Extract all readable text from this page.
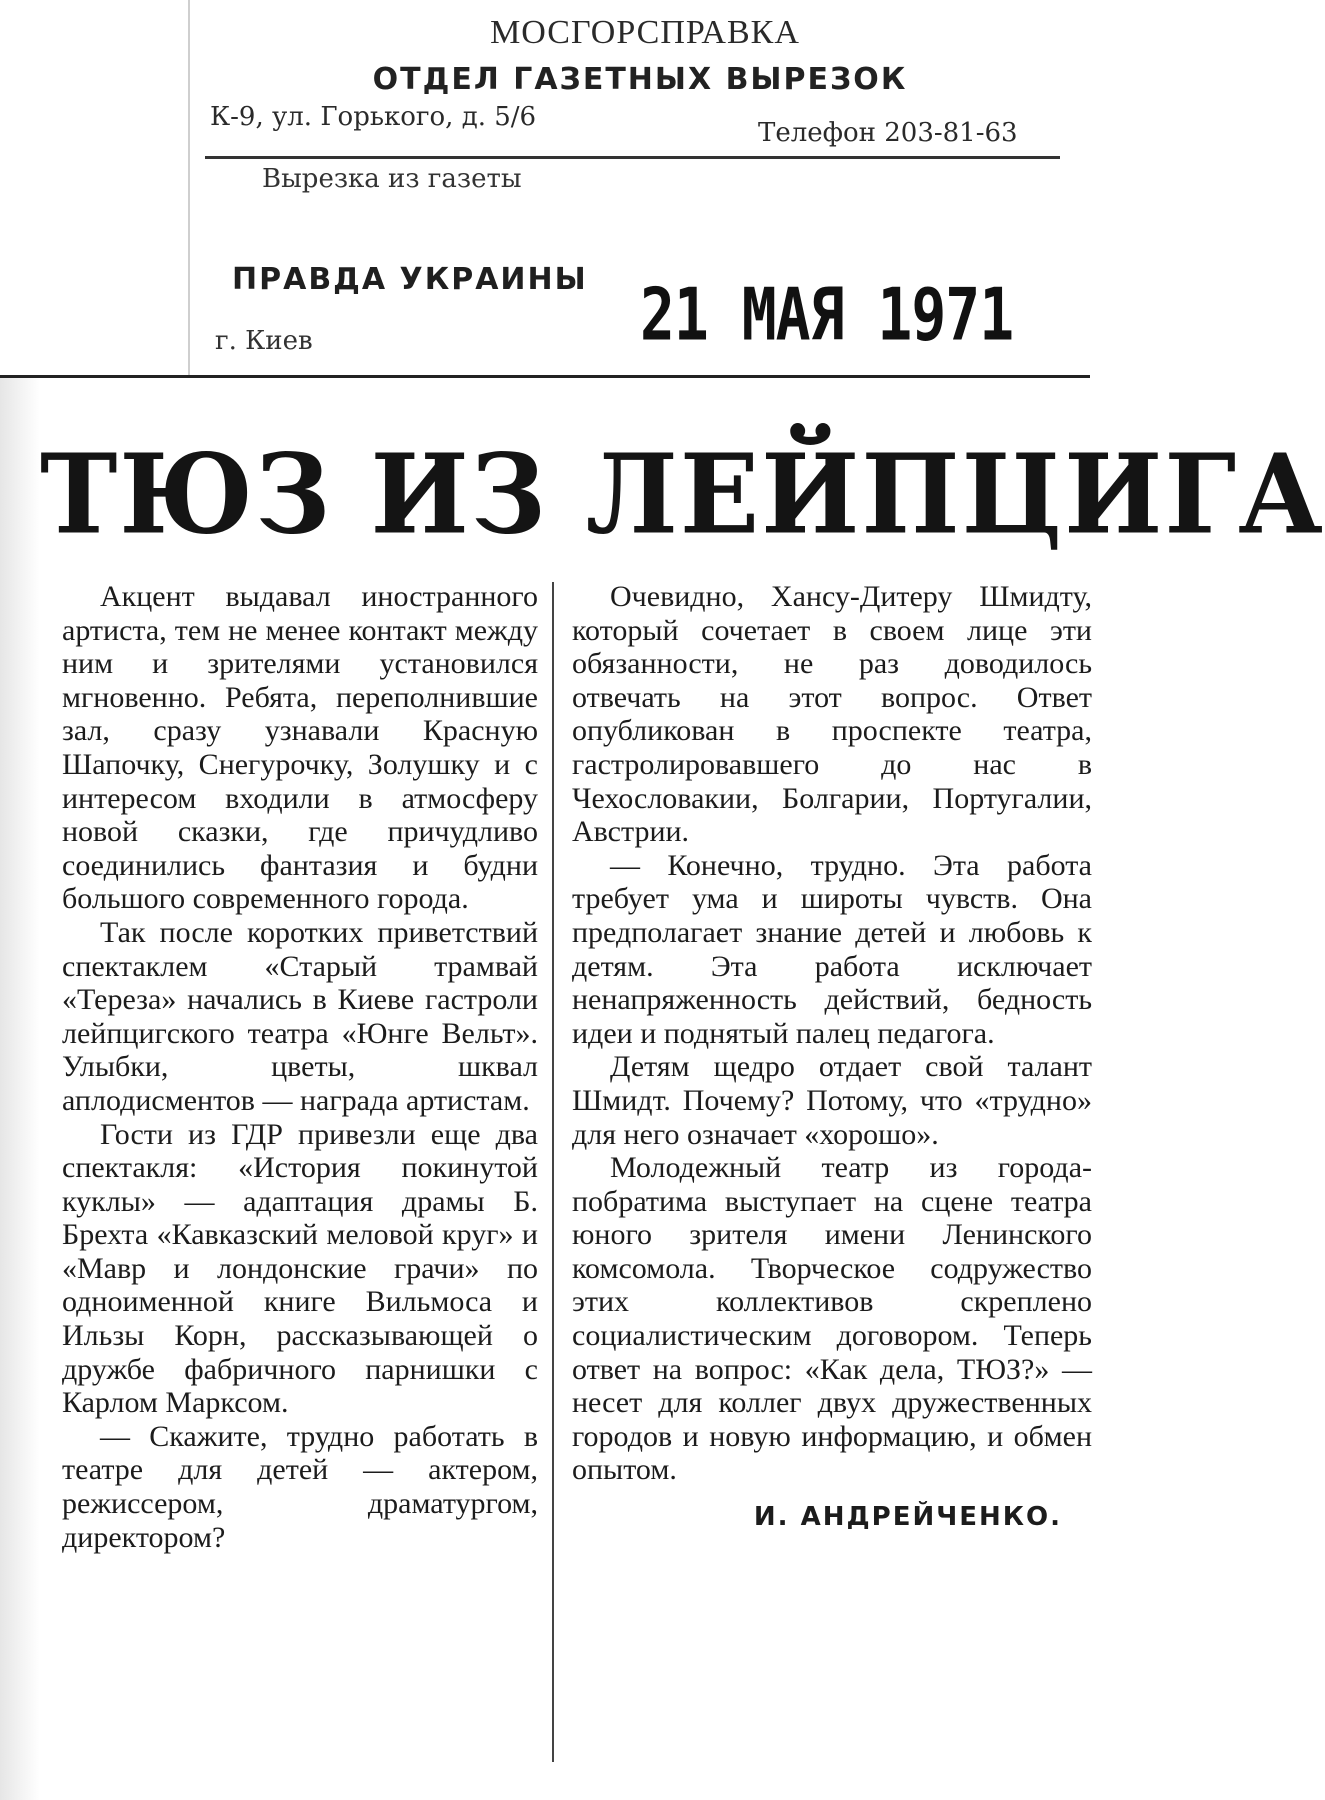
МОСГОРСПРАВКА
ОТДЕЛ ГАЗЕТНЫХ ВЫРЕЗОК
К-9, ул. Горького, д. 5/6
Телефон 203-81-63
Вырезка из газеты
ПРАВДА УКРАИНЫ 21 МАЯ 1971
г. Киев
ТЮЗ ИЗ ЛЕЙПЦИГА

Акцент выдавал иностранного артиста, тем не менее контакт между ним и зрителями установился мгновенно. Ребята, переполнившие зал, сразу узнавали Красную Шапочку, Снегурочку, Золушку и с интересом входили в атмосферу новой сказки, где причудливо соединились фантазия и будни большого современного города.

Так после коротких приветствий спектаклем «Старый трамвай «Тереза» начались в Киеве гастроли лейпцигского театра «Юнге Вельт». Улыбки, цветы, шквал аплодисментов — награда артистам.

Гости из ГДР привезли еще два спектакля: «История покинутой куклы» — адаптация драмы Б. Брехта «Кавказский меловой круг» и «Мавр и лондонские грачи» по одноименной книге Вильмоса и Ильзы Корн, рассказывающей о дружбе фабричного парнишки с Карлом Марксом.

— Скажите, трудно работать в театре для детей — актером, режиссером, драматургом, директором?

Очевидно, Хансу-Дитеру Шмидту, который сочетает в своем лице эти обязанности, не раз доводилось отвечать на этот вопрос. Ответ опубликован в проспекте театра, гастролировавшего до нас в Чехословакии, Болгарии, Португалии, Австрии.

— Конечно, трудно. Эта работа требует ума и широты чувств. Она предполагает знание детей и любовь к детям. Эта работа исключает ненапряженность действий, бедность идеи и поднятый палец педагога.

Детям щедро отдает свой талант Шмидт. Почему? Потому, что «трудно» для него означает «хорошо».

Молодежный театр из города-побратима выступает на сцене театра юного зрителя имени Ленинского комсомола. Творческое содружество этих коллективов скреплено социалистическим договором. Теперь ответ на вопрос: «Как дела, ТЮЗ?» — несет для коллег двух дружественных городов и новую информацию, и обмен опытом.

И. АНДРЕЙЧЕНКО.
